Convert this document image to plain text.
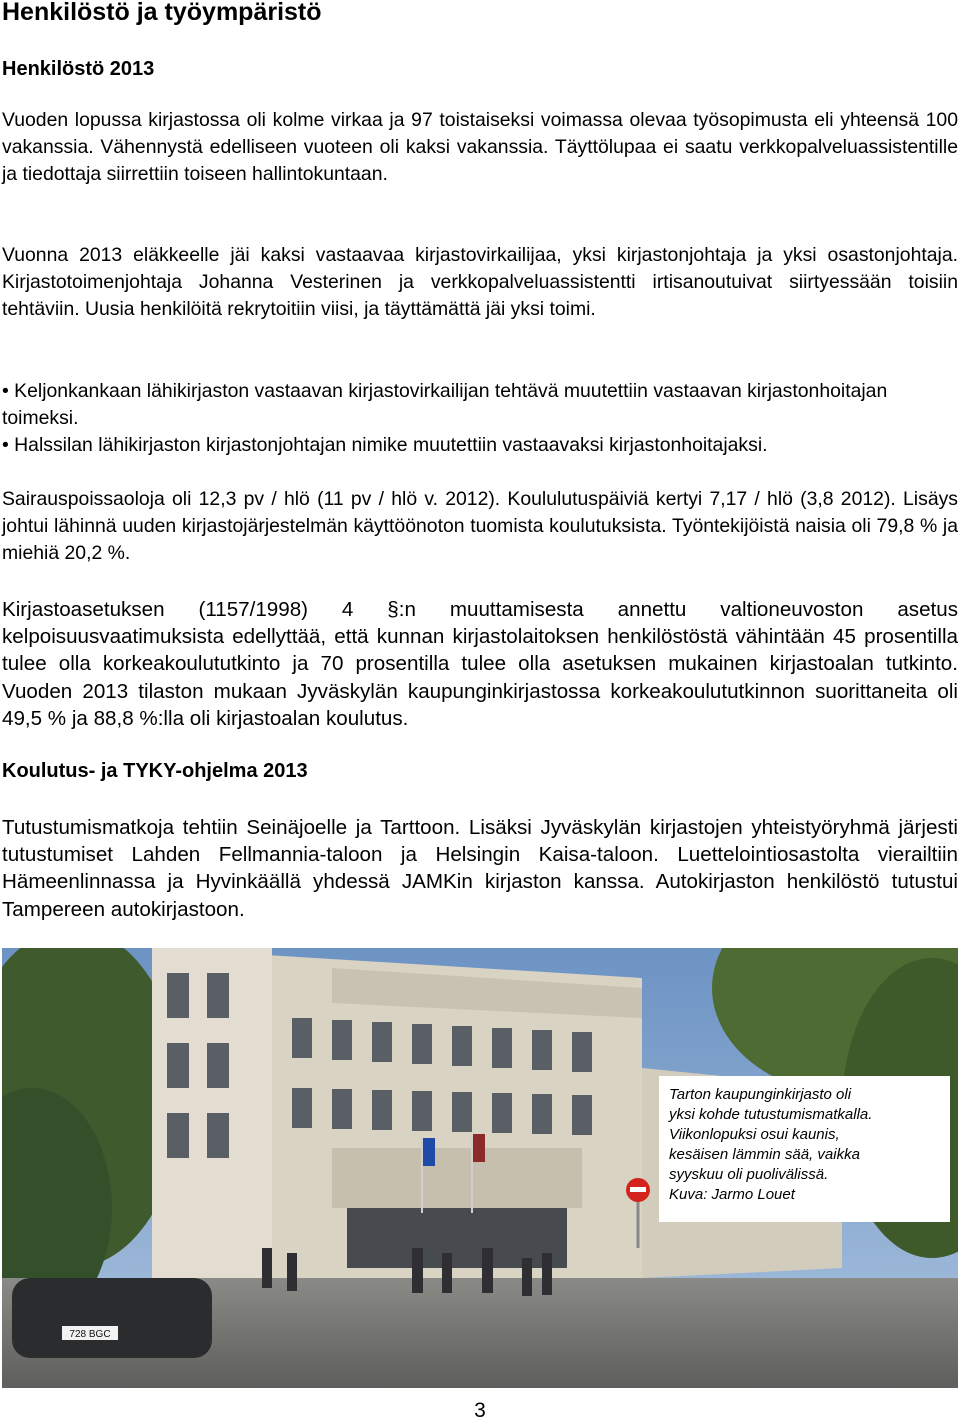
Henkilöstö ja työympäristö
Henkilöstö 2013

Vuoden lopussa kirjastossa oli kolme virkaa ja 97 toistaiseksi voimassa olevaa työsopimusta eli yhteensä 100 vakanssia. Vähennystä edelliseen vuoteen oli kaksi vakanssia. Täyttölupaa ei saatu verkkopalveluassistentille ja tiedottaja siirrettiin toiseen hallintokuntaan.

Vuonna 2013 eläkkeelle jäi kaksi vastaavaa kirjastovirkailijaa, yksi kirjastonjohtaja ja yksi osastonjohtaja. Kirjastotoimenjohtaja Johanna Vesterinen ja verkkopalveluassistentti irtisanoutuivat siirtyessään toisiin tehtäviin. Uusia henkilöitä rekrytoitiin viisi, ja täyttämättä jäi yksi toimi.

• Keljonkankaan lähikirjaston vastaavan kirjastovirkailijan tehtävä muutettiin vastaavan kirjastonhoitajan toimeksi.
• Halssilan lähikirjaston kirjastonjohtajan nimike muutettiin vastaavaksi kirjastonhoitajaksi.

Sairauspoissaoloja oli 12,3 pv / hlö (11 pv / hlö v. 2012). Koululutuspäiviä kertyi 7,17 / hlö (3,8 2012). Lisäys johtui lähinnä uuden kirjastojärjestelmän käyttöönoton tuomista koulutuksista. Työntekijöistä naisia oli 79,8 % ja miehiä 20,2 %.

Kirjastoasetuksen (1157/1998) 4 §:n muuttamisesta annettu valtioneuvoston asetus kelpoisuusvaatimuksista edellyttää, että kunnan kirjastolaitoksen henkilöstöstä vähintään 45 prosentilla tulee olla korkeakoulututkinto ja 70 prosentilla tulee olla asetuksen mukainen kirjastoalan tutkinto. Vuoden 2013 tilaston mukaan Jyväskylän kaupunginkirjastossa korkeakoulututkinnon suorittaneita oli 49,5 % ja 88,8 %:lla oli kirjastoalan koulutus.

Koulutus- ja TYKY-ohjelma 2013

Tutustumismatkoja tehtiin Seinäjoelle ja Tarttoon. Lisäksi Jyväskylän kirjastojen yhteistyöryhmä järjesti tutustumiset Lahden Fellmannia-taloon ja Helsingin Kaisa-taloon. Luettelointiosastolta vierailtiin Hämeenlinnassa ja Hyvinkäällä yhdessä JAMKin kirjaston kanssa. Autokirjaston henkilöstö tutustui Tampereen autokirjastoon.

728 BGC
Tarton kaupunginkirjasto oli
yksi kohde tutustumismatkalla.
Viikonlopuksi osui kaunis,
kesäisen lämmin sää, vaikka
syyskuu oli puolivälissä.
Kuva: Jarmo Louet
3
